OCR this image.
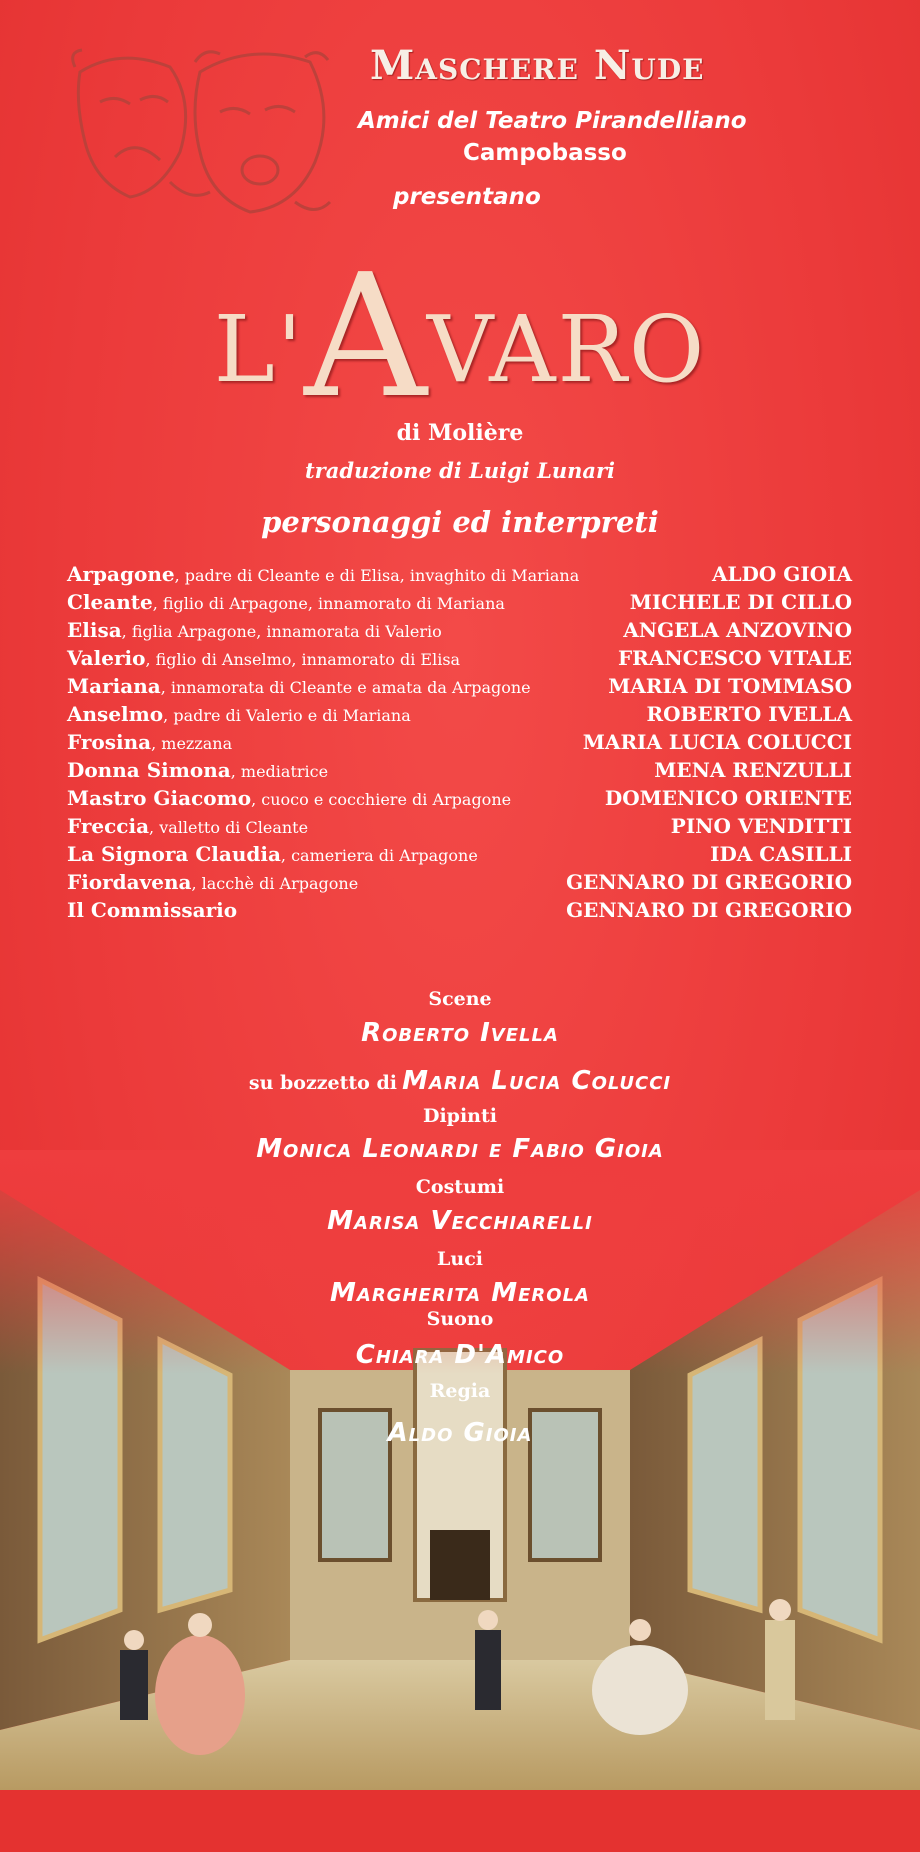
Maschere Nude
Amici del Teatro Pirandelliano
Campobasso
presentano
L'AVARO
di Molière
traduzione di Luigi Lunari
personaggi ed interpreti
Arpagone, padre di Cleante e di Elisa, invaghito di Mariana	ALDO GIOIA
Cleante, figlio di Arpagone, innamorato di Mariana	MICHELE DI CILLO
Elisa, figlia Arpagone, innamorata di Valerio	ANGELA ANZOVINO
Valerio, figlio di Anselmo, innamorato di Elisa	FRANCESCO VITALE
Mariana, innamorata di Cleante e amata da Arpagone	MARIA DI TOMMASO
Anselmo, padre di Valerio e di Mariana	ROBERTO IVELLA
Frosina, mezzana	MARIA LUCIA COLUCCI
Donna Simona, mediatrice	MENA RENZULLI
Mastro Giacomo, cuoco e cocchiere di Arpagone	DOMENICO ORIENTE
Freccia, valletto di Cleante	PINO VENDITTI
La Signora Claudia, cameriera di Arpagone	IDA CASILLI
Fiordavena, lacchè di Arpagone	GENNARO DI GREGORIO
Il Commissario	GENNARO DI GREGORIO
Scene
Roberto Ivella
su bozzetto di Maria Lucia Colucci
Dipinti
Monica Leonardi e Fabio Gioia
Costumi
Marisa Vecchiarelli
Luci
Margherita Merola
Suono
Chiara D'Amico
Regia
Aldo Gioia
